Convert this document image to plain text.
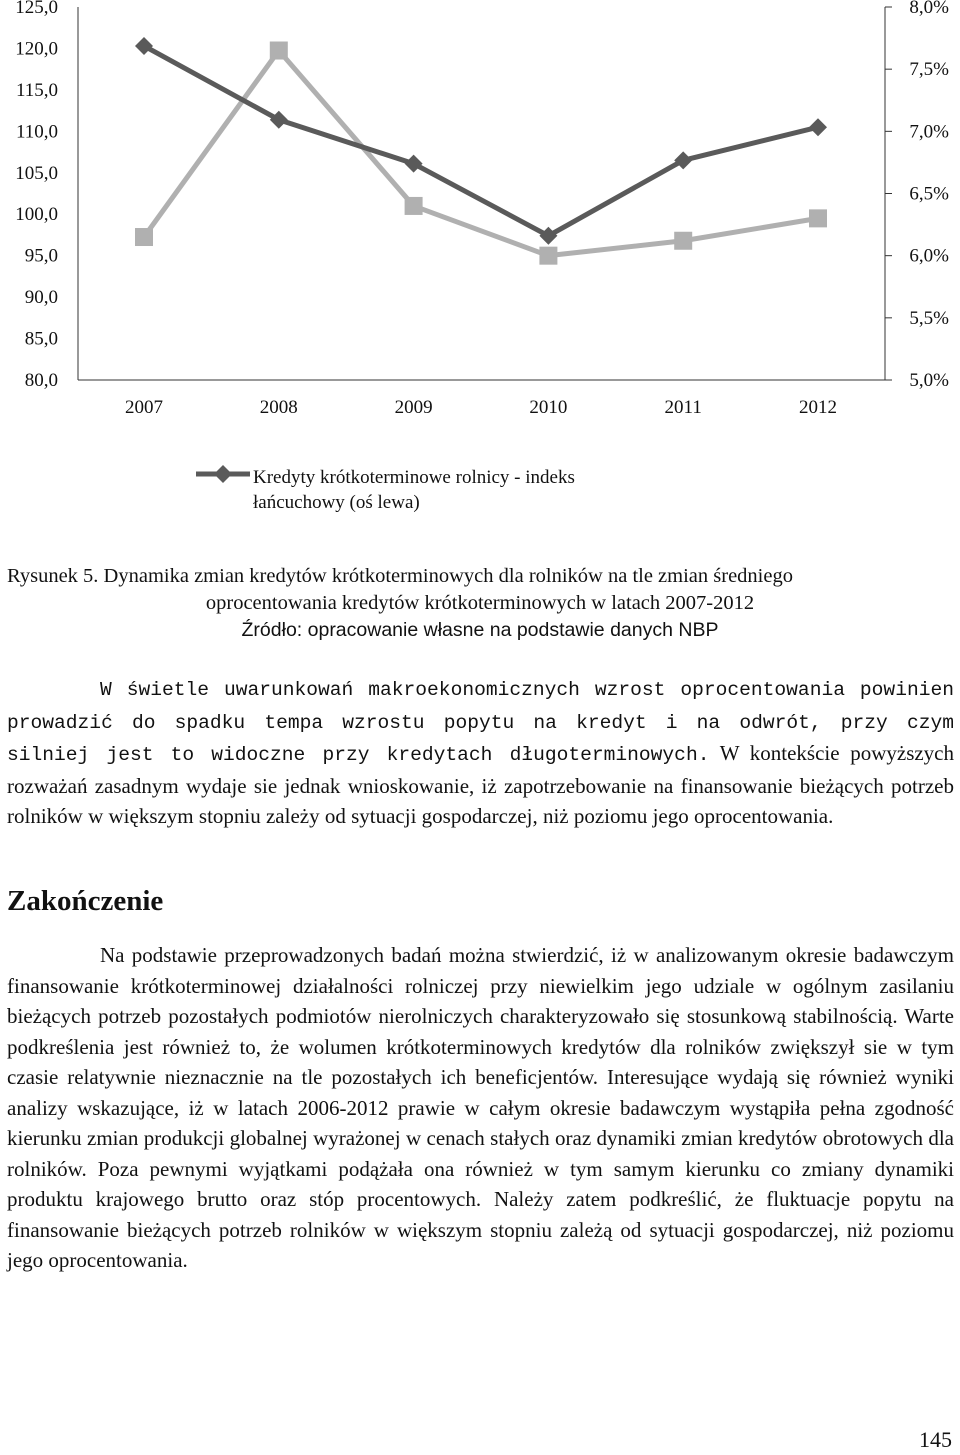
125,0
120,0
115,0
110,0
105,0
100,0
95,0
90,0
85,0
80,0
8,0%
7,5%
7,0%
6,5%
6,0%
5,5%
5,0%
2007	2008	2009	2010	2011	2012
Kredyty krótkoterminowe rolnicy - indeks
łańcuchowy (oś lewa)
Rysunek 5. Dynamika zmian kredytów krótkoterminowych dla rolników na tle zmian średniego
oprocentowania kredytów krótkoterminowych w latach 2007-2012
Źródło: opracowanie własne na podstawie danych NBP

W świetle uwarunkowań makroekonomicznych wzrost oprocentowania powinien prowadzić do spadku tempa wzrostu popytu na kredyt i na odwrót, przy czym silniej jest to widoczne przy kredytach długoterminowych. W kontekście powyższych rozważań zasadnym wydaje sie jednak wnioskowanie, iż zapotrzebowanie na finansowanie bieżących potrzeb rolników w większym stopniu zależy od sytuacji gospodarczej, niż poziomu jego oprocentowania.

Zakończenie

Na podstawie przeprowadzonych badań można stwierdzić, iż w analizowanym okresie badawczym finansowanie krótkoterminowej działalności rolniczej przy niewielkim jego udziale w ogólnym zasilaniu bieżących potrzeb pozostałych podmiotów nierolniczych charakteryzowało się stosunkową stabilnością. Warte podkreślenia jest również to, że wolumen krótkoterminowych kredytów dla rolników zwiększył sie w tym czasie relatywnie nieznacznie na tle pozostałych ich beneficjentów. Interesujące wydają się również wyniki analizy wskazujące, iż w latach 2006-2012 prawie w całym okresie badawczym wystąpiła pełna zgodność kierunku zmian produkcji globalnej wyrażonej w cenach stałych oraz dynamiki zmian kredytów obrotowych dla rolników. Poza pewnymi wyjątkami podążała ona również w tym samym kierunku co zmiany dynamiki produktu krajowego brutto oraz stóp procentowych. Należy zatem podkreślić, że fluktuacje popytu na finansowanie bieżących potrzeb rolników w większym stopniu zależą od sytuacji gospodarczej, niż poziomu jego oprocentowania.

145
